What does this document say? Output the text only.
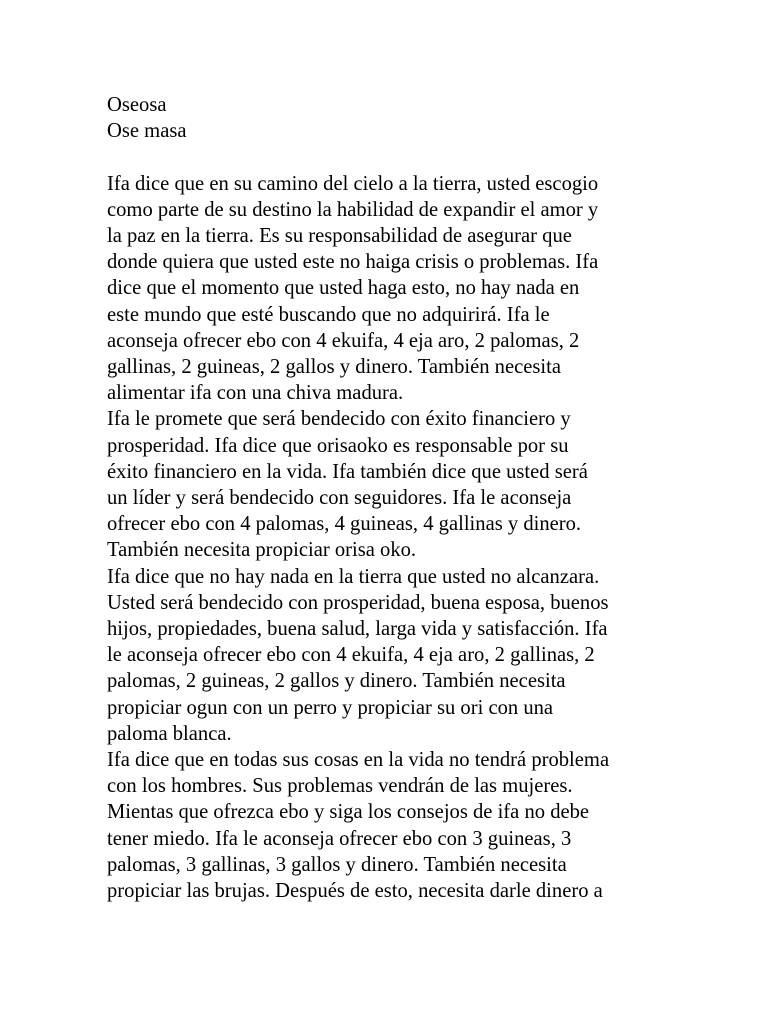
Oseosa
Ose masa
Ifa dice que en su camino del cielo a la tierra, usted escogio
como parte de su destino la habilidad de expandir el amor y
la paz en la tierra. Es su responsabilidad de asegurar que
donde quiera que usted este no haiga crisis o problemas. Ifa
dice que el momento que usted haga esto, no hay nada en
este mundo que esté buscando que no adquirirá. Ifa le
aconseja ofrecer ebo con 4 ekuifa, 4 eja aro, 2 palomas, 2
gallinas, 2 guineas, 2 gallos y dinero. También necesita
alimentar ifa con una chiva madura.
Ifa le promete que será bendecido con éxito financiero y
prosperidad. Ifa dice que orisaoko es responsable por su
éxito financiero en la vida. Ifa también dice que usted será
un líder y será bendecido con seguidores. Ifa le aconseja
ofrecer ebo con 4 palomas, 4 guineas, 4 gallinas y dinero.
También necesita propiciar orisa oko.
Ifa dice que no hay nada en la tierra que usted no alcanzara.
Usted será bendecido con prosperidad, buena esposa, buenos
hijos, propiedades, buena salud, larga vida y satisfacción. Ifa
le aconseja ofrecer ebo con 4 ekuifa, 4 eja aro, 2 gallinas, 2
palomas, 2 guineas, 2 gallos y dinero. También necesita
propiciar ogun con un perro y propiciar su ori con una
paloma blanca.
Ifa dice que en todas sus cosas en la vida no tendrá problema
con los hombres. Sus problemas vendrán de las mujeres.
Mientas que ofrezca ebo y siga los consejos de ifa no debe
tener miedo. Ifa le aconseja ofrecer ebo con 3 guineas, 3
palomas, 3 gallinas, 3 gallos y dinero. También necesita
propiciar las brujas. Después de esto, necesita darle dinero a
